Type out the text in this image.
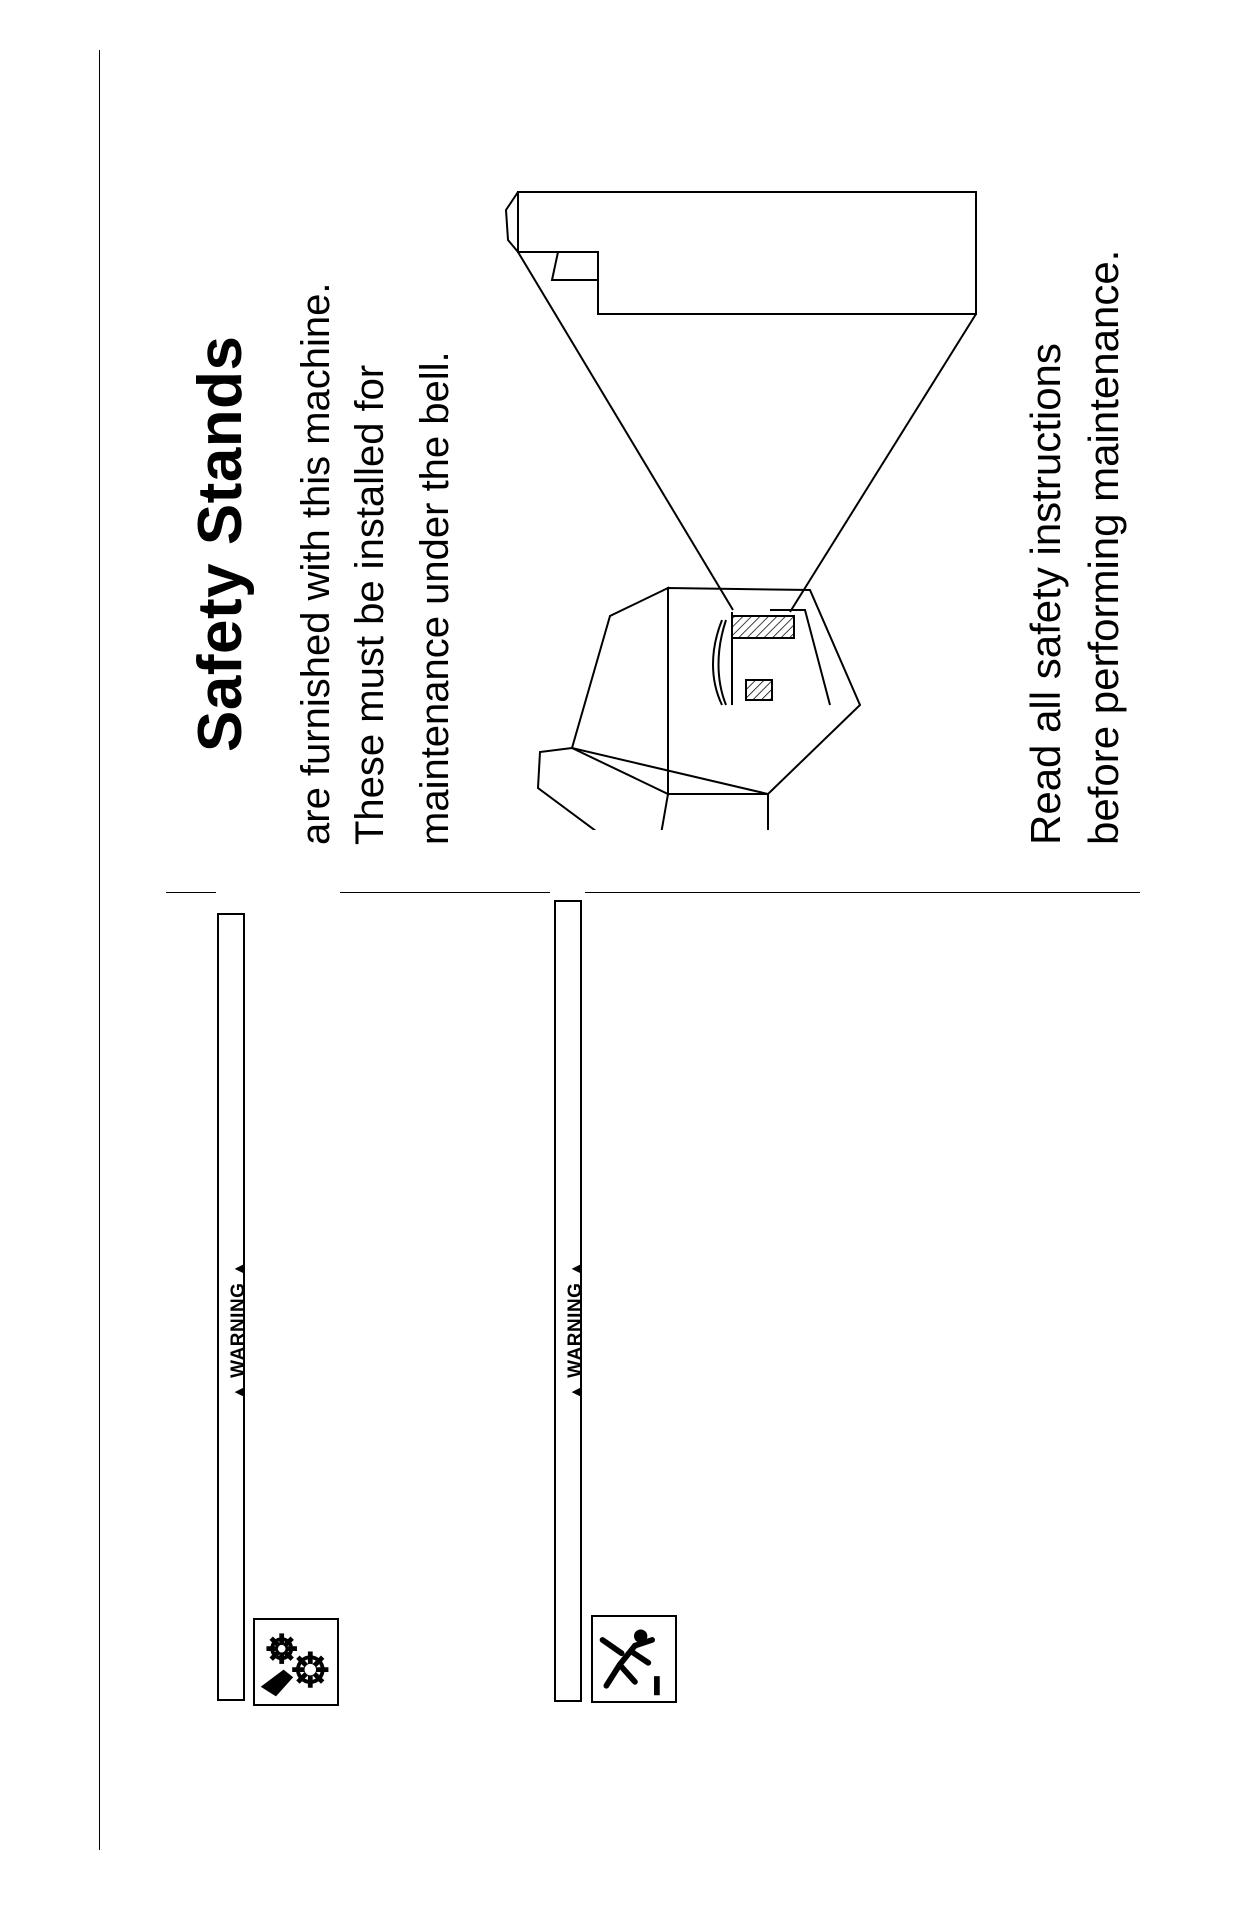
Safety Stands are furnished with this machine. These must be installed for maintenance under the bell.	Read all safety instructions before performing maintenance.
▲ WARNING ▲
▲ WARNING ▲
